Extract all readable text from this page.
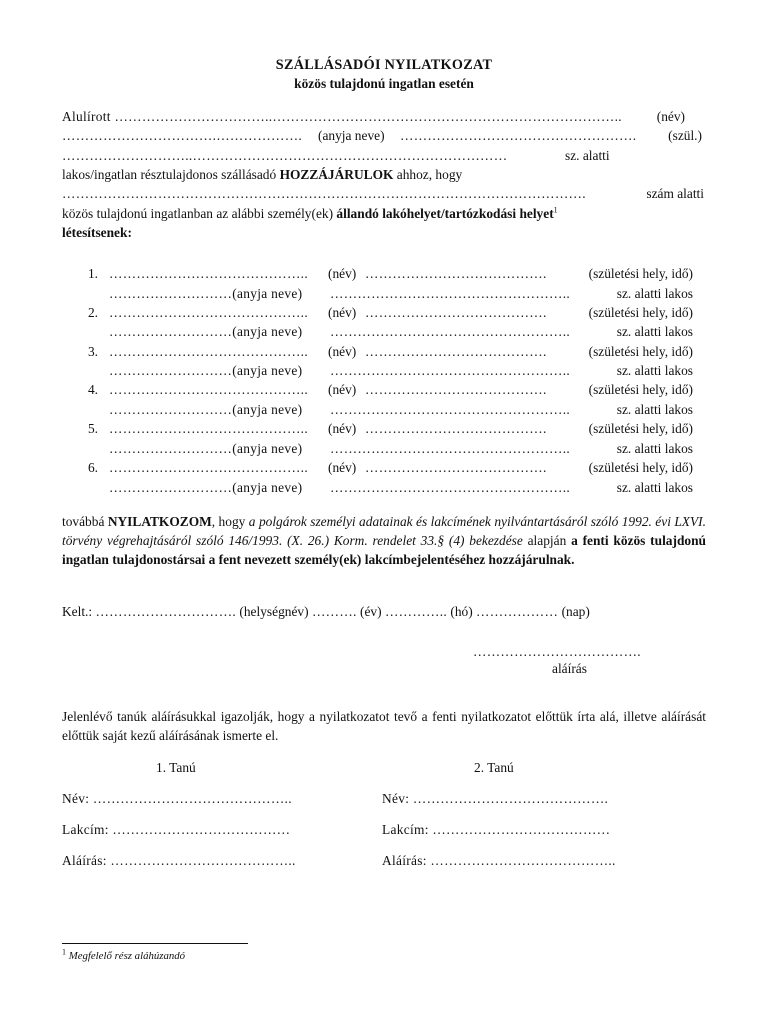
SZÁLLÁSADÓI NYILATKOZAT
közös tulajdonú ingatlan esetén
Alulírott ……………………………..…………………………………………………………………..	(név)
…………………………….………………. (anyja neve) ……………………………………………. (szül.)
………………………..……………………………………………………………	sz. alatti
lakos/ingatlan résztulajdonos szállásadó HOZZÁJÁRULOK ahhoz, hogy
…………………………………………………………………………………………………….	szám alatti
közös tulajdonú ingatlanban az alábbi személy(ek) állandó lakóhelyet/tartózkodási helyet$^1$
létesítsenek:
1. …………………………………….. (név) ………………………………….	(születési hely, idő)
………………………(anyja neve) ……………………………………………..	sz. alatti lakos
2. …………………………………….. (név) ………………………………….	(születési hely, idő)
………………………(anyja neve) ……………………………………………..	sz. alatti lakos
3. …………………………………….. (név) ………………………………….	(születési hely, idő)
………………………(anyja neve) ……………………………………………..	sz. alatti lakos
4. …………………………………….. (név) ………………………………….	(születési hely, idő)
………………………(anyja neve) ……………………………………………..	sz. alatti lakos
5. …………………………………….. (név) ………………………………….	(születési hely, idő)
………………………(anyja neve) ……………………………………………..	sz. alatti lakos
6. …………………………………….. (név) ………………………………….	(születési hely, idő)
………………………(anyja neve) ……………………………………………..	sz. alatti lakos
továbbá NYILATKOZOM, hogy a polgárok személyi adatainak és lakcímének nyilvántartásáról szóló 1992. évi LXVI. törvény végrehajtásáról szóló 146/1993. (X. 26.) Korm. rendelet 33.§ (4) bekezdése alapján a fenti közös tulajdonú ingatlan tulajdonostársai a fent nevezett személy(ek) lakcímbejelentéséhez hozzájárulnak.
Kelt.: …………………………. (helységnév) ………. (év) ………….. (hó) ……………… (nap)
……………………………….
aláírás
Jelenlévő tanúk aláírásukkal igazolják, hogy a nyilatkozatot tevő a fenti nyilatkozatot előttük írta alá, illetve aláírását előttük saját kezű aláírásának ismerte el.
1. Tanú	2. Tanú
Név: ……………………………………..	Név: …………………………………….
Lakcím: …………………………………	Lakcím: …………………………………
Aláírás: …………………………………..	Aláírás: …………………………………..
$^1$ Megfelelő rész aláhúzandó
